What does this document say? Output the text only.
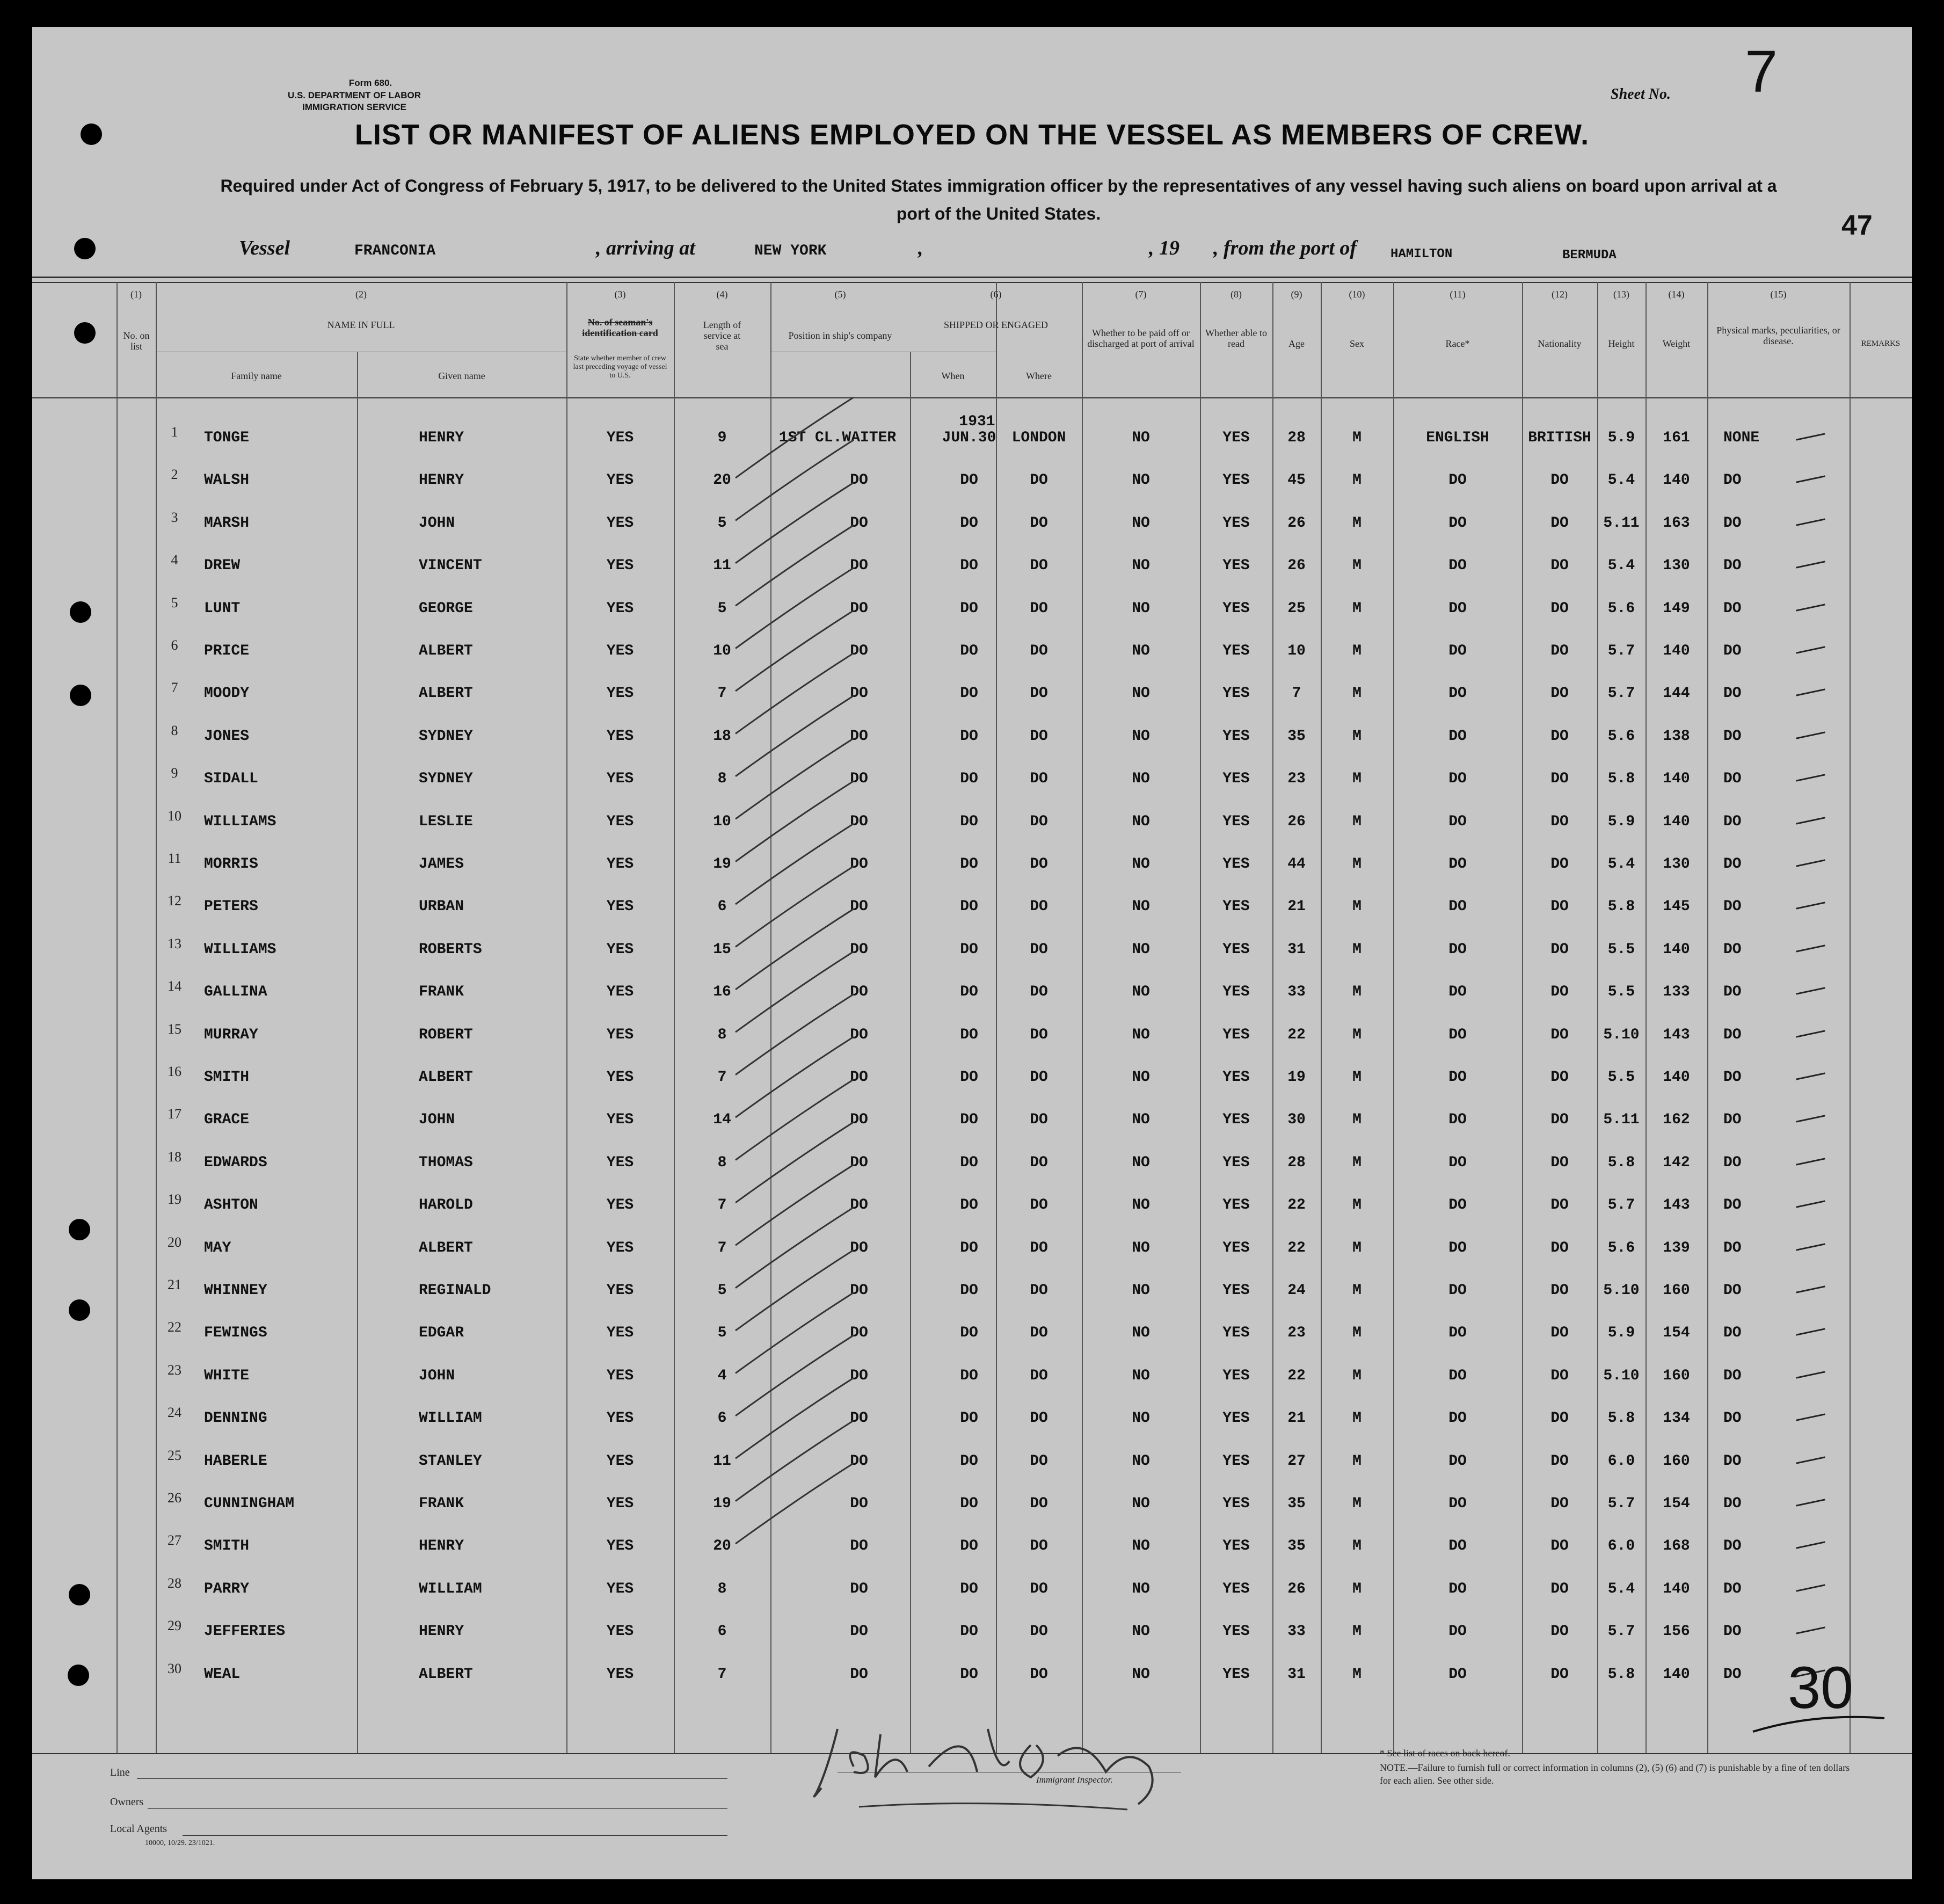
Form 680.
U.S. DEPARTMENT OF LABOR
IMMIGRATION SERVICE
Sheet No. 7
47
LIST OR MANIFEST OF ALIENS EMPLOYED ON THE VESSEL AS MEMBERS OF CREW.
Required under Act of Congress of February 5, 1917, to be delivered to the United States immigration officer by the representatives of any vessel having such aliens on board upon arrival at a port of the United States.
Vessel	FRANCONIA	, arriving at	NEW YORK	,	, 19 , from the port of	HAMILTON	BERMUDA
(1)	(2)	(3)	(4)	(5)	(6)	(7)	(8)	(9)	(10)	(11)	(12)	(13)	(14)	(15)
No. on list
NAME IN FULL
Family name	Given name
No. of seaman's identification card
State whether member of crew last preceding voyage of vessel to U.S.
Length of service at sea
Position in ship's company
SHIPPED OR ENGAGED
When	Where
Whether to be paid off or discharged at port of arrival
Whether able to read	Age	Sex	Race*	Nationality	Height	Weight
Physical marks, peculiarities, or disease.	REMARKS
1931
1	TONGE	HENRY	YES	9	1ST CL.WAITER	JUN.30	LONDON	NO	YES	28	M	ENGLISH	BRITISH	5.9	161	NONE
2	WALSH	HENRY	YES	20	DO	DO	DO	NO	YES	45	M	DO	DO	5.4	140	DO
3	MARSH	JOHN	YES	5	DO	DO	DO	NO	YES	26	M	DO	DO	5.11	163	DO
4	DREW	VINCENT	YES	11	DO	DO	DO	NO	YES	26	M	DO	DO	5.4	130	DO
5	LUNT	GEORGE	YES	5	DO	DO	DO	NO	YES	25	M	DO	DO	5.6	149	DO
6	PRICE	ALBERT	YES	10	DO	DO	DO	NO	YES	10	M	DO	DO	5.7	140	DO
7	MOODY	ALBERT	YES	7	DO	DO	DO	NO	YES	7	M	DO	DO	5.7	144	DO
8	JONES	SYDNEY	YES	18	DO	DO	DO	NO	YES	35	M	DO	DO	5.6	138	DO
9	SIDALL	SYDNEY	YES	8	DO	DO	DO	NO	YES	23	M	DO	DO	5.8	140	DO
10	WILLIAMS	LESLIE	YES	10	DO	DO	DO	NO	YES	26	M	DO	DO	5.9	140	DO
11	MORRIS	JAMES	YES	19	DO	DO	DO	NO	YES	44	M	DO	DO	5.4	130	DO
12	PETERS	URBAN	YES	6	DO	DO	DO	NO	YES	21	M	DO	DO	5.8	145	DO
13	WILLIAMS	ROBERTS	YES	15	DO	DO	DO	NO	YES	31	M	DO	DO	5.5	140	DO
14	GALLINA	FRANK	YES	16	DO	DO	DO	NO	YES	33	M	DO	DO	5.5	133	DO
15	MURRAY	ROBERT	YES	8	DO	DO	DO	NO	YES	22	M	DO	DO	5.10	143	DO
16	SMITH	ALBERT	YES	7	DO	DO	DO	NO	YES	19	M	DO	DO	5.5	140	DO
17	GRACE	JOHN	YES	14	DO	DO	DO	NO	YES	30	M	DO	DO	5.11	162	DO
18	EDWARDS	THOMAS	YES	8	DO	DO	DO	NO	YES	28	M	DO	DO	5.8	142	DO
19	ASHTON	HAROLD	YES	7	DO	DO	DO	NO	YES	22	M	DO	DO	5.7	143	DO
20	MAY	ALBERT	YES	7	DO	DO	DO	NO	YES	22	M	DO	DO	5.6	139	DO
21	WHINNEY	REGINALD	YES	5	DO	DO	DO	NO	YES	24	M	DO	DO	5.10	160	DO
22	FEWINGS	EDGAR	YES	5	DO	DO	DO	NO	YES	23	M	DO	DO	5.9	154	DO
23	WHITE	JOHN	YES	4	DO	DO	DO	NO	YES	22	M	DO	DO	5.10	160	DO
24	DENNING	WILLIAM	YES	6	DO	DO	DO	NO	YES	21	M	DO	DO	5.8	134	DO
25	HABERLE	STANLEY	YES	11	DO	DO	DO	NO	YES	27	M	DO	DO	6.0	160	DO
26	CUNNINGHAM	FRANK	YES	19	DO	DO	DO	NO	YES	35	M	DO	DO	5.7	154	DO
27	SMITH	HENRY	YES	20	DO	DO	DO	NO	YES	35	M	DO	DO	6.0	168	DO
28	PARRY	WILLIAM	YES	8	DO	DO	DO	NO	YES	26	M	DO	DO	5.4	140	DO
29	JEFFERIES	HENRY	YES	6	DO	DO	DO	NO	YES	33	M	DO	DO	5.7	156	DO
30	WEAL	ALBERT	YES	7	DO	DO	DO	NO	YES	31	M	DO	DO	5.8	140	DO 30
Line
Owners
Local Agents
10000, 10/29. 23/1021.
Immigrant Inspector.
* See list of races on back hereof.
NOTE.—Failure to furnish full or correct information in columns (2), (5) (6) and (7) is punishable by a fine of ten dollars for each alien. See other side.
